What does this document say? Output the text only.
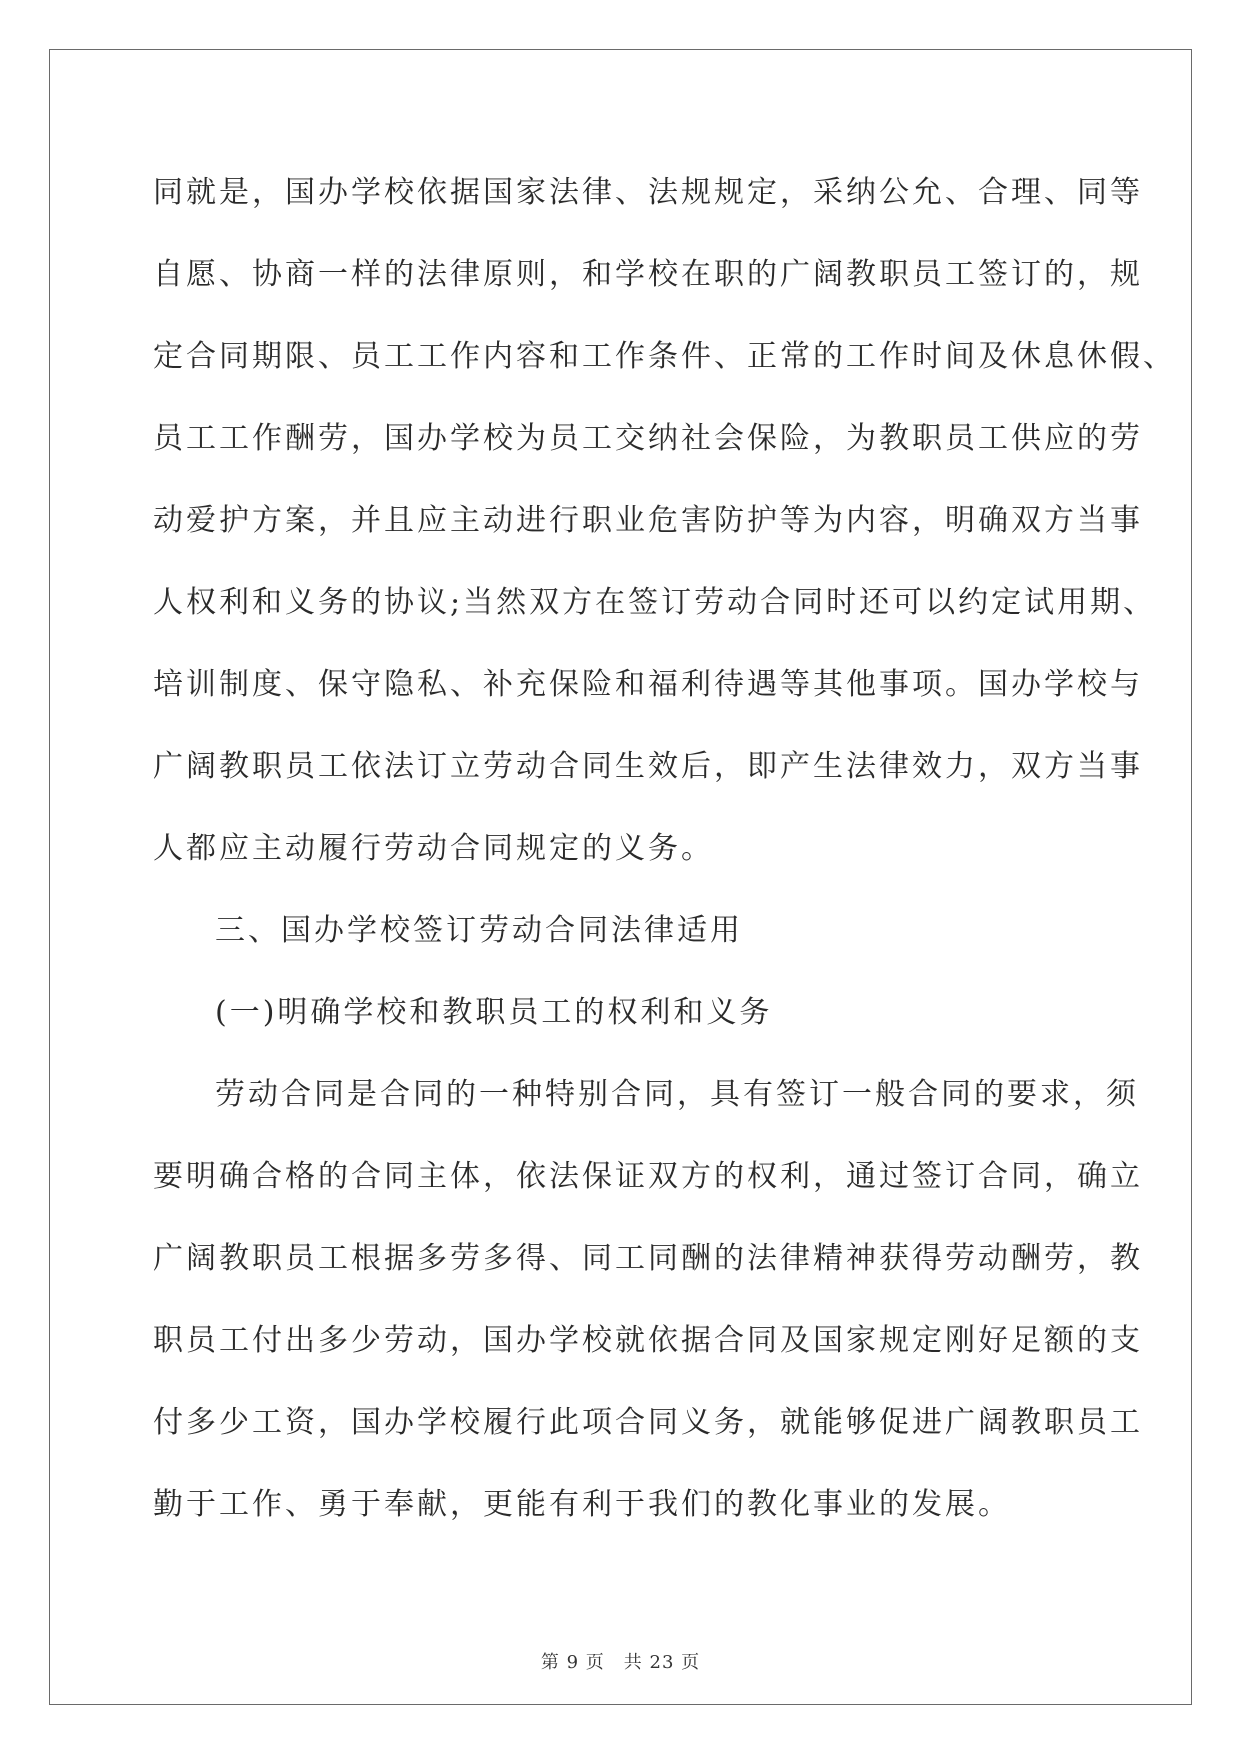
同就是，国办学校依据国家法律、法规规定，采纳公允、合理、同等
自愿、协商一样的法律原则，和学校在职的广阔教职员工签订的，规
定合同期限、员工工作内容和工作条件、正常的工作时间及休息休假、
员工工作酬劳，国办学校为员工交纳社会保险，为教职员工供应的劳
动爱护方案，并且应主动进行职业危害防护等为内容，明确双方当事
人权利和义务的协议;当然双方在签订劳动合同时还可以约定试用期、
培训制度、保守隐私、补充保险和福利待遇等其他事项。国办学校与
广阔教职员工依法订立劳动合同生效后，即产生法律效力，双方当事
人都应主动履行劳动合同规定的义务。
三、国办学校签订劳动合同法律适用
(一)明确学校和教职员工的权利和义务
劳动合同是合同的一种特别合同，具有签订一般合同的要求，须
要明确合格的合同主体，依法保证双方的权利，通过签订合同，确立
广阔教职员工根据多劳多得、同工同酬的法律精神获得劳动酬劳，教
职员工付出多少劳动，国办学校就依据合同及国家规定刚好足额的支
付多少工资，国办学校履行此项合同义务，就能够促进广阔教职员工
勤于工作、勇于奉献，更能有利于我们的教化事业的发展。
第 9 页　共 23 页
